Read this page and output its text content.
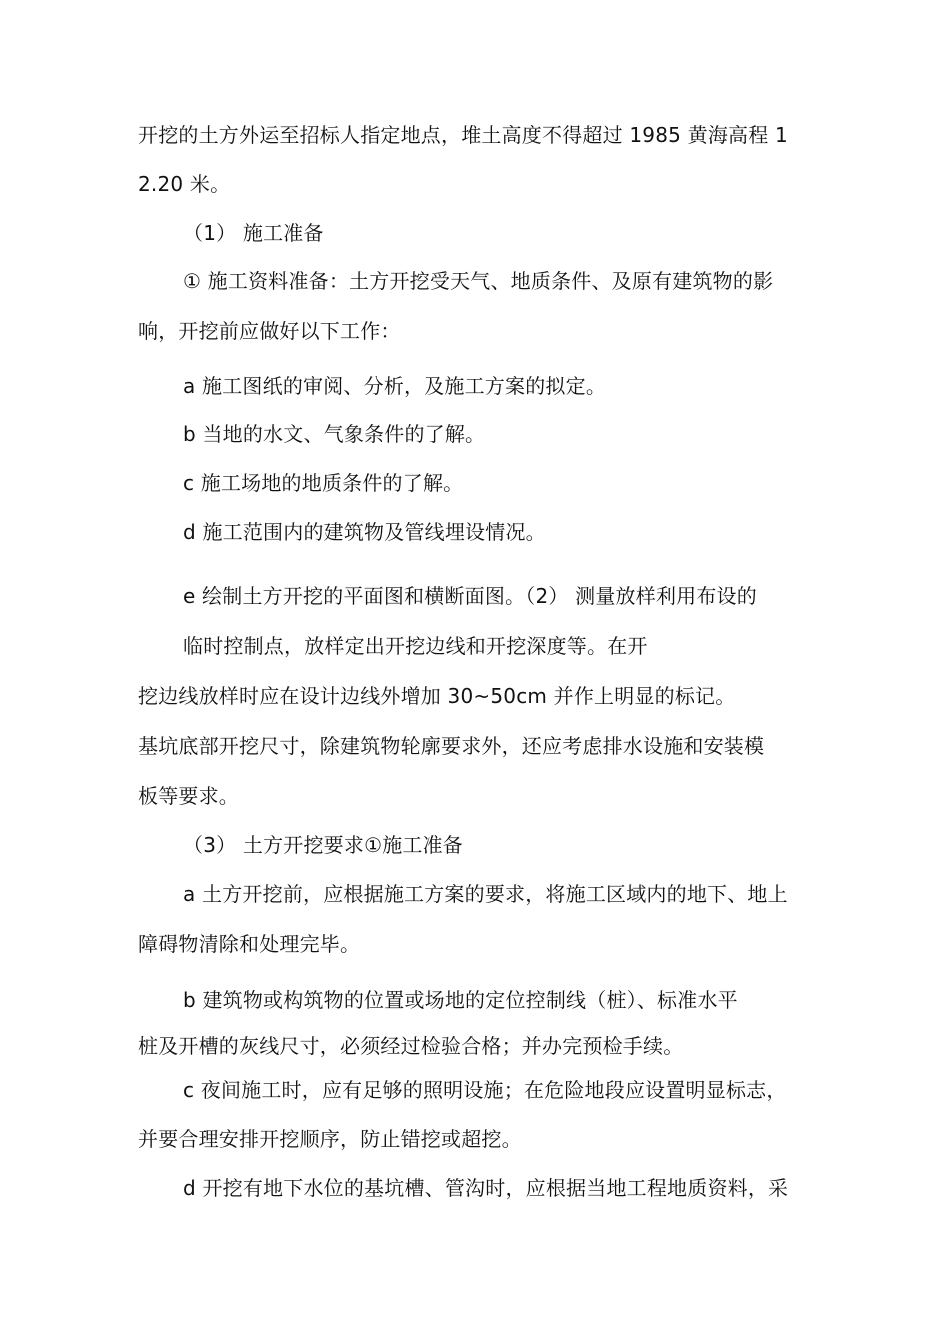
开挖的土方外运至招标人指定地点，堆土高度不得超过 1985 黄海高程 1
2.20 米。
（1） 施工准备
① 施工资料准备：土方开挖受天气、地质条件、及原有建筑物的影
响，开挖前应做好以下工作：
a 施工图纸的审阅、分析，及施工方案的拟定。
b 当地的水文、气象条件的了解。
c 施工场地的地质条件的了解。
d 施工范围内的建筑物及管线埋设情况。
e 绘制土方开挖的平面图和横断面图。（2） 测量放样利用布设的
临时控制点，放样定出开挖边线和开挖深度等。在开
挖边线放样时应在设计边线外增加 30~50cm 并作上明显的标记。
基坑底部开挖尺寸，除建筑物轮廓要求外，还应考虑排水设施和安装模
板等要求。
（3） 土方开挖要求①施工准备
a 土方开挖前，应根据施工方案的要求，将施工区域内的地下、地上
障碍物清除和处理完毕。
b 建筑物或构筑物的位置或场地的定位控制线（桩）、标准水平
桩及开槽的灰线尺寸，必须经过检验合格；并办完预检手续。
c 夜间施工时，应有足够的照明设施；在危险地段应设置明显标志，
并要合理安排开挖顺序，防止错挖或超挖。
d 开挖有地下水位的基坑槽、管沟时，应根据当地工程地质资料，采
